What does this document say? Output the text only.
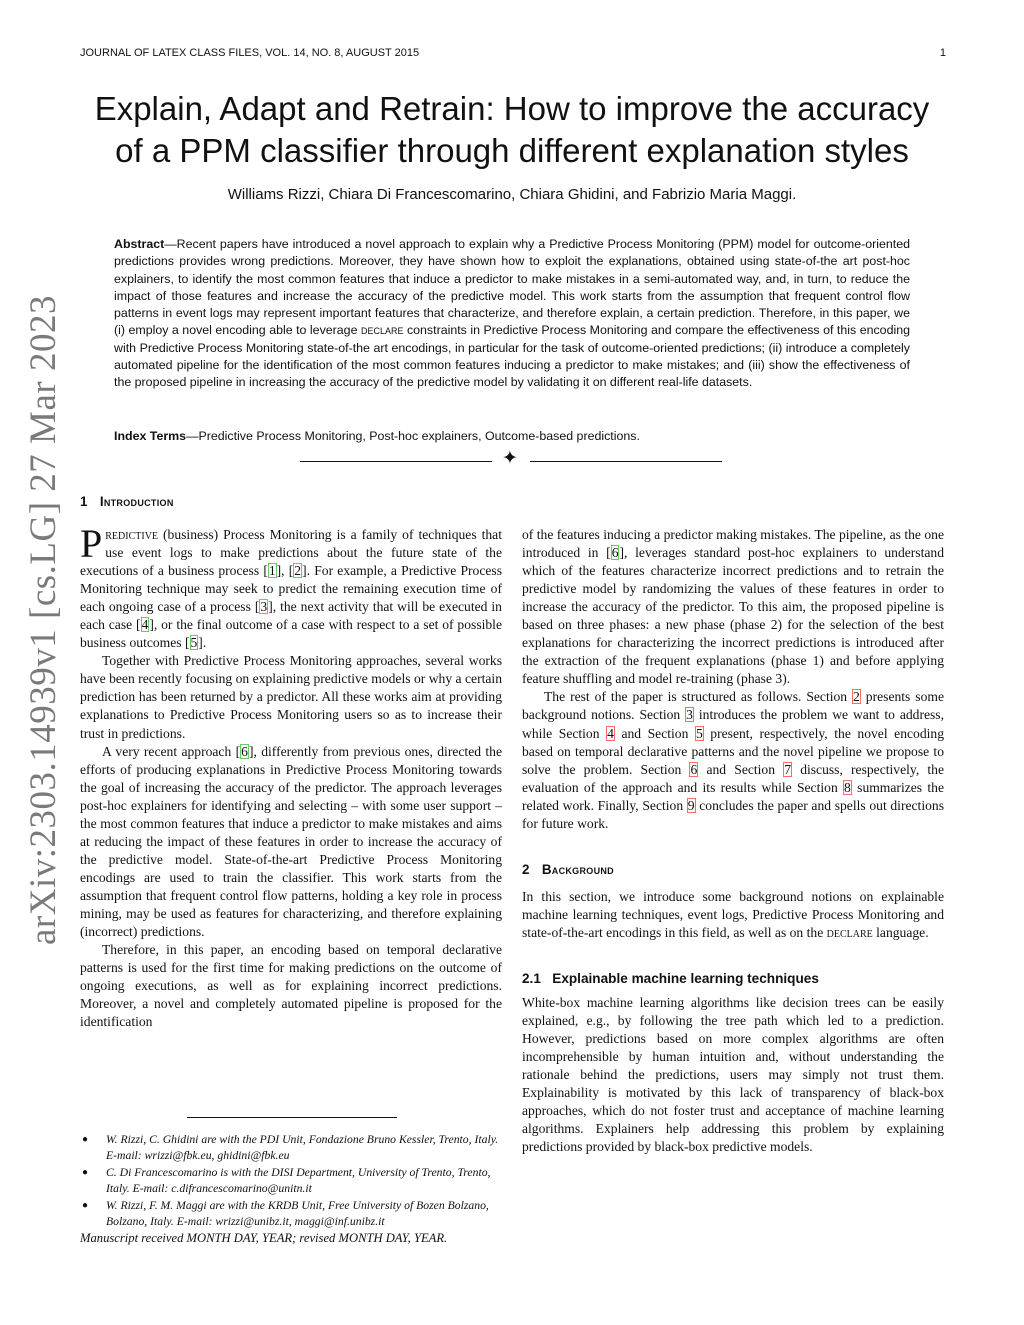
JOURNAL OF LATEX CLASS FILES, VOL. 14, NO. 8, AUGUST 2015	1
arXiv:2303.14939v1 [cs.LG] 27 Mar 2023
Explain, Adapt and Retrain: How to improve the accuracy
of a PPM classifier through different explanation styles
Williams Rizzi, Chiara Di Francescomarino, Chiara Ghidini, and Fabrizio Maria Maggi.
Abstract—Recent papers have introduced a novel approach to explain why a Predictive Process Monitoring (PPM) model for outcome-oriented predictions provides wrong predictions. Moreover, they have shown how to exploit the explanations, obtained using state-of-the art post-hoc explainers, to identify the most common features that induce a predictor to make mistakes in a semi-automated way, and, in turn, to reduce the impact of those features and increase the accuracy of the predictive model. This work starts from the assumption that frequent control flow patterns in event logs may represent important features that characterize, and therefore explain, a certain prediction. Therefore, in this paper, we (i) employ a novel encoding able to leverage declare constraints in Predictive Process Monitoring and compare the effectiveness of this encoding with Predictive Process Monitoring state-of-the art encodings, in particular for the task of outcome-oriented predictions; (ii) introduce a completely automated pipeline for the identification of the most common features inducing a predictor to make mistakes; and (iii) show the effectiveness of the proposed pipeline in increasing the accuracy of the predictive model by validating it on different real-life datasets.
Index Terms—Predictive Process Monitoring, Post-hoc explainers, Outcome-based predictions.
✦
1 Introduction

Predictive (business) Process Monitoring is a family of techniques that use event logs to make predictions about the future state of the executions of a business process [1], [2]. For example, a Predictive Process Monitoring technique may seek to predict the remaining execution time of each ongoing case of a process [3], the next activity that will be executed in each case [4], or the final outcome of a case with respect to a set of possible business outcomes [5].

Together with Predictive Process Monitoring approaches, several works have been recently focusing on explaining predictive models or why a certain prediction has been returned by a predictor. All these works aim at providing explanations to Predictive Process Monitoring users so as to increase their trust in predictions.

A very recent approach [6], differently from previous ones, directed the efforts of producing explanations in Predictive Process Monitoring towards the goal of increasing the accuracy of the predictor. The approach leverages post-hoc explainers for identifying and selecting – with some user support – the most common features that induce a predictor to make mistakes and aims at reducing the impact of these features in order to increase the accuracy of the predictive model. State-of-the-art Predictive Process Monitoring encodings are used to train the classifier. This work starts from the assumption that frequent control flow patterns, holding a key role in process mining, may be used as features for characterizing, and therefore explaining (incorrect) predictions.

Therefore, in this paper, an encoding based on temporal declarative patterns is used for the first time for making predictions on the outcome of ongoing executions, as well as for explaining incorrect predictions. Moreover, a novel and completely automated pipeline is proposed for the identification

●	W. Rizzi, C. Ghidini are with the PDI Unit, Fondazione Bruno Kessler, Trento, Italy. E-mail: wrizzi@fbk.eu, ghidini@fbk.eu
●	C. Di Francescomarino is with the DISI Department, University of Trento, Trento, Italy. E-mail: c.difrancescomarino@unitn.it
●	W. Rizzi, F. M. Maggi are with the KRDB Unit, Free University of Bozen Bolzano, Bolzano, Italy. E-mail: wrizzi@unibz.it, maggi@inf.unibz.it
Manuscript received MONTH DAY, YEAR; revised MONTH DAY, YEAR.

of the features inducing a predictor making mistakes. The pipeline, as the one introduced in [6], leverages standard post-hoc explainers to understand which of the features characterize incorrect predictions and to retrain the predictive model by randomizing the values of these features in order to increase the accuracy of the predictor. To this aim, the proposed pipeline is based on three phases: a new phase (phase 2) for the selection of the best explanations for characterizing the incorrect predictions is introduced after the extraction of the frequent explanations (phase 1) and before applying feature shuffling and model re-training (phase 3).

The rest of the paper is structured as follows. Section 2 presents some background notions. Section 3 introduces the problem we want to address, while Section 4 and Section 5 present, respectively, the novel encoding based on temporal declarative patterns and the novel pipeline we propose to solve the problem. Section 6 and Section 7 discuss, respectively, the evaluation of the approach and its results while Section 8 summarizes the related work. Finally, Section 9 concludes the paper and spells out directions for future work.

2 Background

In this section, we introduce some background notions on explainable machine learning techniques, event logs, Predictive Process Monitoring and state-of-the-art encodings in this field, as well as on the declare language.

2.1 Explainable machine learning techniques

White-box machine learning algorithms like decision trees can be easily explained, e.g., by following the tree path which led to a prediction. However, predictions based on more complex algorithms are often incomprehensible by human intuition and, without understanding the rationale behind the predictions, users may simply not trust them. Explainability is motivated by this lack of transparency of black-box approaches, which do not foster trust and acceptance of machine learning algorithms. Explainers help addressing this problem by explaining predictions provided by black-box predictive models.
